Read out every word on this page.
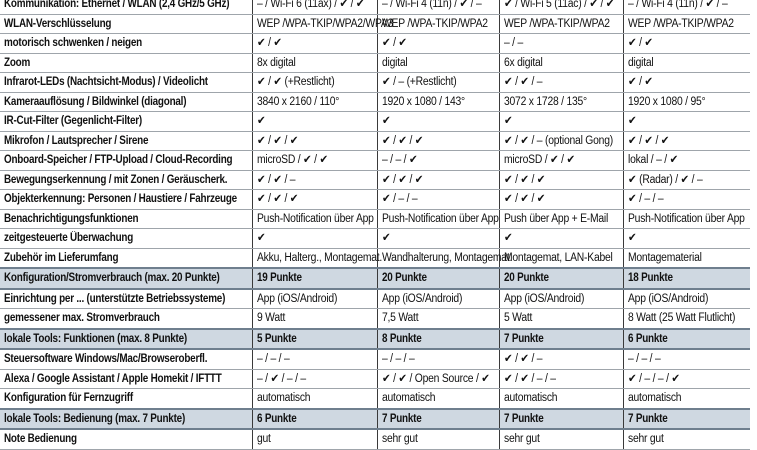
Kommunikation: Ethernet / WLAN (2,4 GHz/5 GHz)	– / Wi-Fi 6 (11ax) / ✔ / ✔	– / Wi-Fi 4 (11n) / ✔ / –	✔ / Wi-Fi 5 (11ac) / ✔ / ✔	– / Wi-Fi 4 (11n) / ✔ / –
WLAN-Verschlüsselung	WEP /WPA-TKIP/WPA2/WPA3	WEP /WPA-TKIP/WPA2	WEP /WPA-TKIP/WPA2	WEP /WPA-TKIP/WPA2
motorisch schwenken / neigen	✔ / ✔	✔ / ✔	– / –	✔ / ✔
Zoom	8x digital	digital	6x digital	digital
Infrarot-LEDs (Nachtsicht-Modus) / Videolicht	✔ / ✔ (+Restlicht)	✔ / – (+Restlicht)	✔ / ✔ / –	✔ / ✔
Kameraauflösung / Bildwinkel (diagonal)	3840 x 2160 / 110°	1920 x 1080 / 143°	3072 x 1728 / 135°	1920 x 1080 / 95°
IR-Cut-Filter (Gegenlicht-Filter)	✔	✔	✔	✔
Mikrofon / Lautsprecher / Sirene	✔ / ✔ / ✔	✔ / ✔ / ✔	✔ / ✔ / – (optional Gong)	✔ / ✔ / ✔
Onboard-Speicher / FTP-Upload / Cloud-Recording	microSD / ✔ / ✔	– / – / ✔	microSD / ✔ / ✔	lokal / – / ✔
Bewegungserkennung / mit Zonen / Geräuscherk.	✔ / ✔ / –	✔ / ✔ / ✔	✔ / ✔ / ✔	✔ (Radar) / ✔ / –
Objekterkennung: Personen / Haustiere / Fahrzeuge	✔ / ✔ / ✔	✔ / – / –	✔ / ✔ / ✔	✔ / – / –
Benachrichtigungsfunktionen	Push-Notification über App	Push-Notification über App	Push über App + E-Mail	Push-Notification über App
zeitgesteuerte Überwachung	✔	✔	✔	✔
Zubehör im Lieferumfang	Akku, Halterg., Montagemat.	Wandhalterung, Montagemat.	Montagemat, LAN-Kabel	Montagematerial
Konfiguration/Stromverbrauch (max. 20 Punkte)	19 Punkte	20 Punkte	20 Punkte	18 Punkte
Einrichtung per ... (unterstützte Betriebssysteme)	App (iOS/Android)	App (iOS/Android)	App (iOS/Android)	App (iOS/Android)
gemessener max. Stromverbrauch	9 Watt	7,5 Watt	5 Watt	8 Watt (25 Watt Flutlicht)
lokale Tools: Funktionen (max. 8 Punkte)	5 Punkte	8 Punkte	7 Punkte	6 Punkte
Steuersoftware Windows/Mac/Browseroberfl.	– / – / –	– / – / –	✔ / ✔ / –	– / – / –
Alexa / Google Assistant / Apple Homekit / IFTTT	– / ✔ / – / –	✔ / ✔ / Open Source / ✔	✔ / ✔ / – / –	✔ / – / – / ✔
Konfiguration für Fernzugriff	automatisch	automatisch	automatisch	automatisch
lokale Tools: Bedienung (max. 7 Punkte)	6 Punkte	7 Punkte	7 Punkte	7 Punkte
Note Bedienung	gut	sehr gut	sehr gut	sehr gut
